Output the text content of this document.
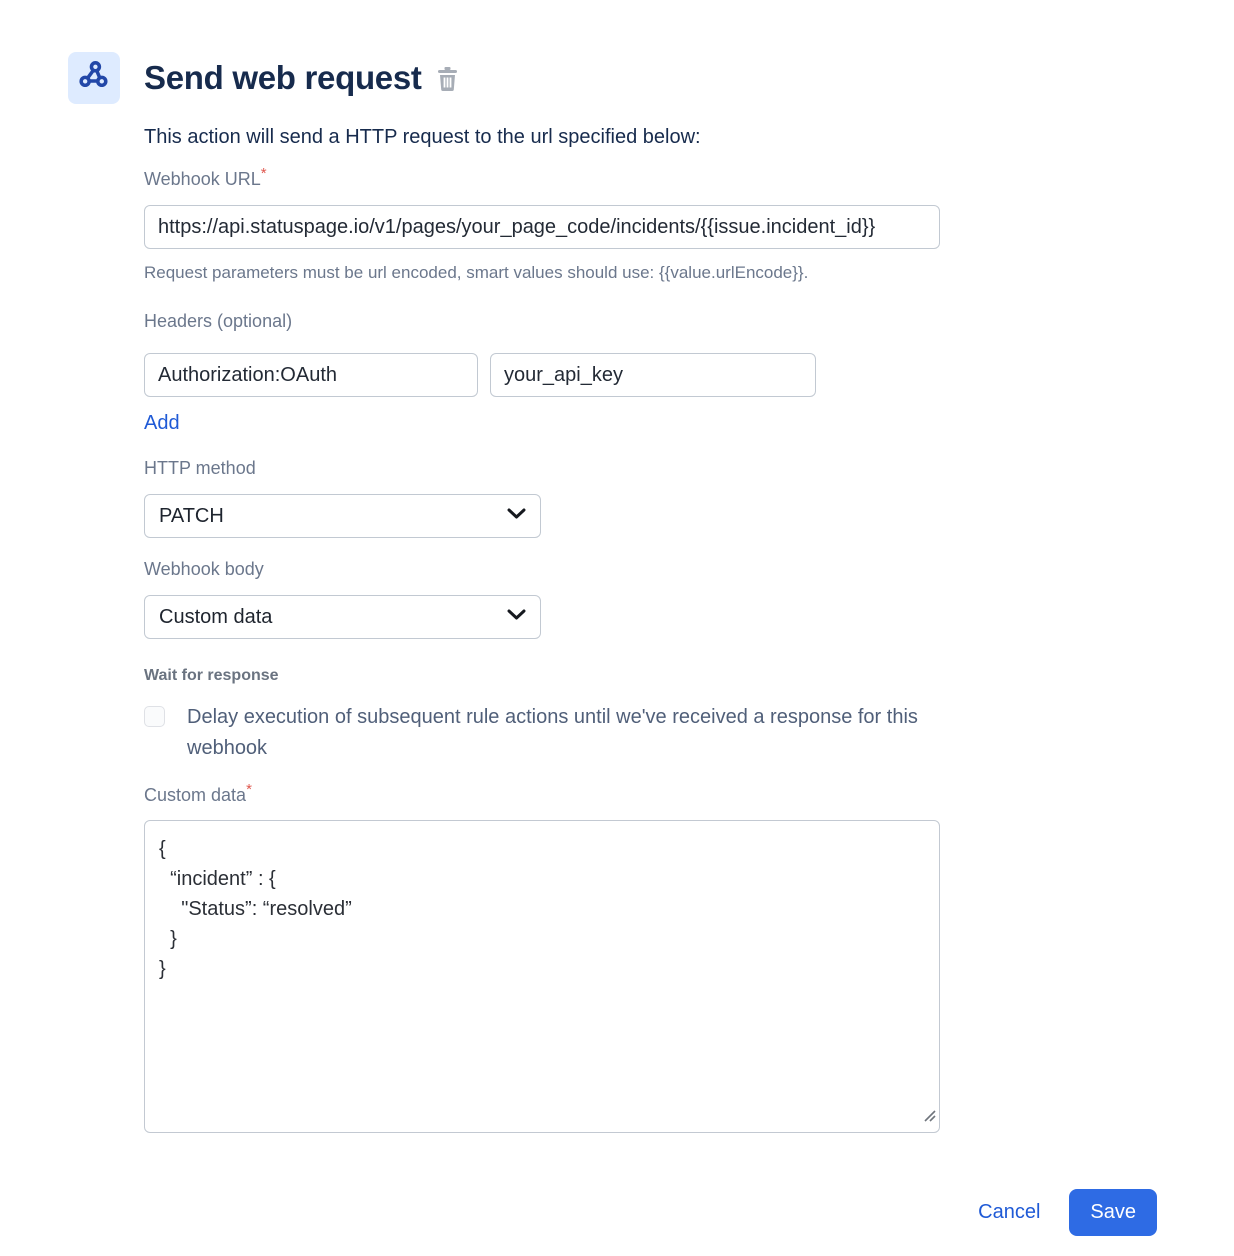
Send web request

This action will send a HTTP request to the url specified below:

Webhook URL*
https://api.statuspage.io/v1/pages/your_page_code/incidents/{{issue.incident_id}}

Request parameters must be url encoded, smart values should use: {{value.urlEncode}}.

Headers (optional)
Authorization:OAuth
your_api_key
Add
HTTP method
PATCH
Webhook body
Custom data
Wait for response
Delay execution of subsequent rule actions until we've received a response for this webhook
Custom data*
{ “incident” : { "Status”: “resolved” } }
Cancel	Save
